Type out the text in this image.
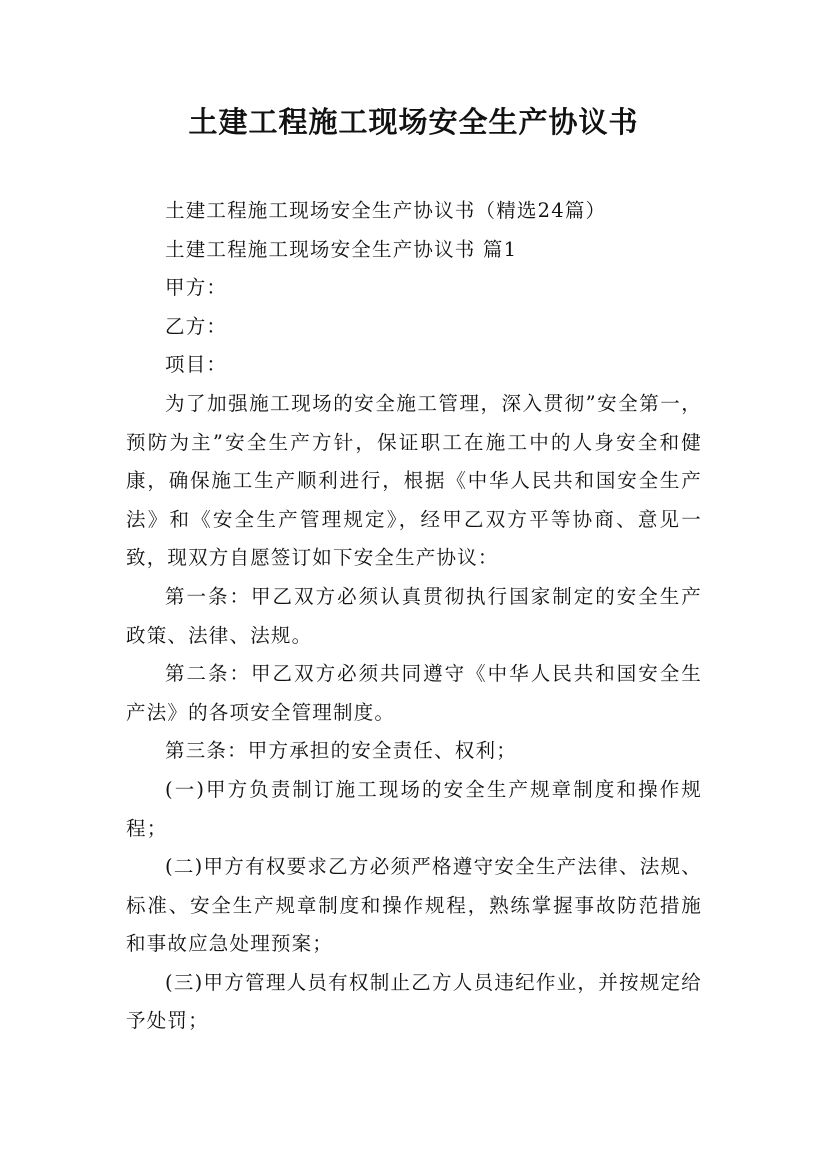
土建工程施工现场安全生产协议书

土建工程施工现场安全生产协议书（精选24篇）

土建工程施工现场安全生产协议书 篇1

甲方：

乙方：

项目：

为了加强施工现场的安全施工管理，深入贯彻”安全第一，预防为主”安全生产方针，保证职工在施工中的人身安全和健康，确保施工生产顺利进行，根据《中华人民共和国安全生产法》和《安全生产管理规定》，经甲乙双方平等协商、意见一致，现双方自愿签订如下安全生产协议：

第一条：甲乙双方必须认真贯彻执行国家制定的安全生产政策、法律、法规。

第二条：甲乙双方必须共同遵守《中华人民共和国安全生产法》的各项安全管理制度。

第三条：甲方承担的安全责任、权利；

(一)甲方负责制订施工现场的安全生产规章制度和操作规程；

(二)甲方有权要求乙方必须严格遵守安全生产法律、法规、标准、安全生产规章制度和操作规程，熟练掌握事故防范措施和事故应急处理预案；

(三)甲方管理人员有权制止乙方人员违纪作业，并按规定给予处罚；
